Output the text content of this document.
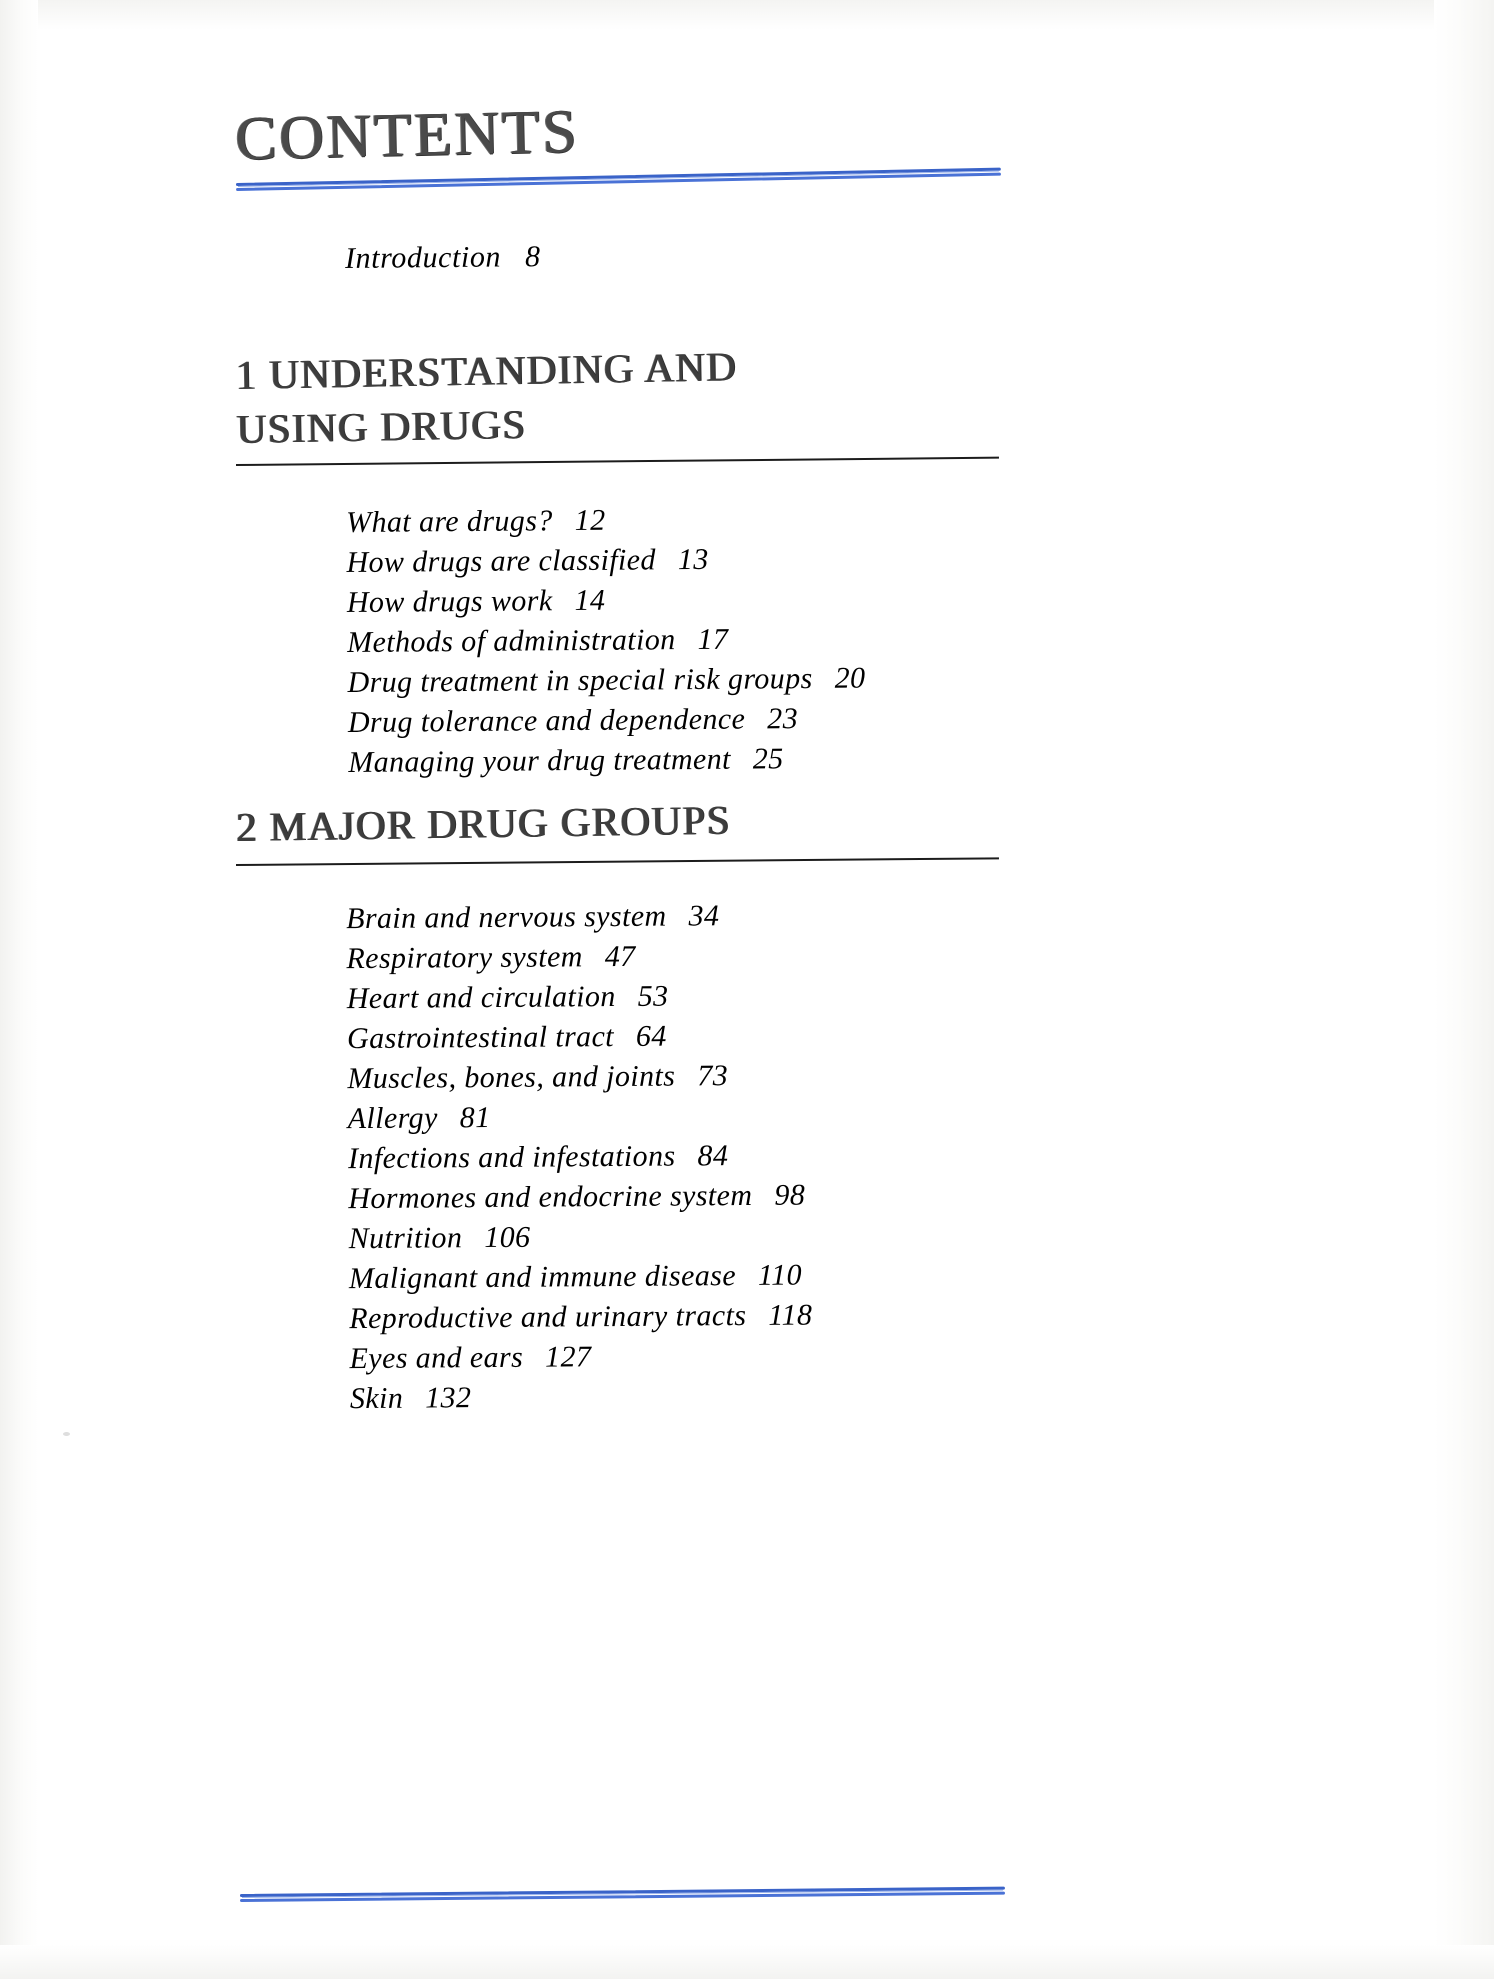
CONTENTS
Introduction 8
1 UNDERSTANDING AND
USING DRUGS
What are drugs? 12
How drugs are classified 13
How drugs work 14
Methods of administration 17
Drug treatment in special risk groups 20
Drug tolerance and dependence 23
Managing your drug treatment 25
2 MAJOR DRUG GROUPS
Brain and nervous system 34
Respiratory system 47
Heart and circulation 53
Gastrointestinal tract 64
Muscles, bones, and joints 73
Allergy 81
Infections and infestations 84
Hormones and endocrine system 98
Nutrition 106
Malignant and immune disease 110
Reproductive and urinary tracts 118
Eyes and ears 127
Skin 132
